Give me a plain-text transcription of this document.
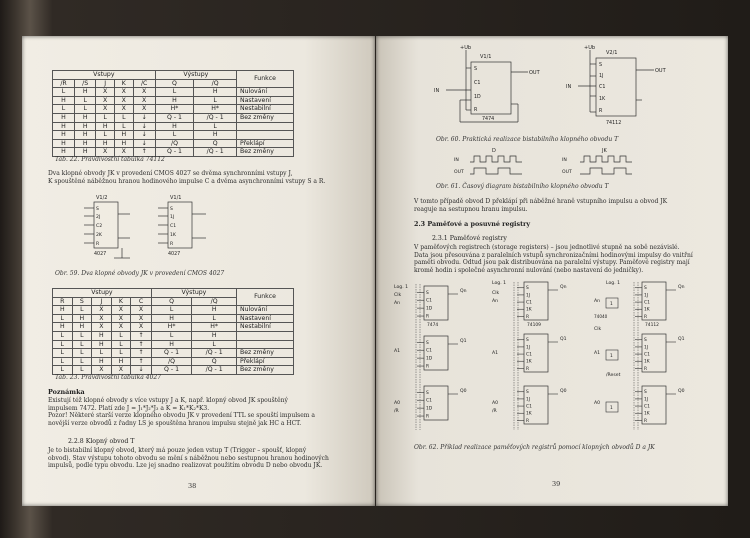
Vstupy					Výstupy		Funkce
/R	/S	J	K	/C	Q	/Q	
L	H	X	X	X	L	H	Nulování
H	L	X	X	X	H	L	Nastavení
L	L	X	X	X	H*	H*	Nestabilní
H	H	L	L	↓	Q - 1	/Q - 1	Bez změny
H	H	H	L	↓	H	L	
H	H	L	H	↓	L	H	
H	H	H	H	↓	/Q	Q	Překlápí
H	H	X	X	↑	Q - 1	/Q - 1	Bez změny
Tab. 22. Pravdivostní tabulka 74112
Dva klopné obvody JK v provedení CMOS 4027 se dvěma synchronními vstupy J,
K spouštěné náběžnou hranou hodinového impulse C a dvěma asynchronními vstupy S a R.
V1/2	V1/1
S
2J
C2
2K
R
S
1J
C1
1K
R
4027	4027
Obr. 59. Dva klopné obvody JK v provedení CMOS 4027
Vstupy					Výstupy		Funkce
R	S	J	K	C	Q	/Q	
H	L	X	X	X	L	H	Nulování
L	H	X	X	X	H	L	Nastavení
H	H	X	X	X	H*	H*	Nestabilní
L	L	H	L	↑	L	H	
L	L	H	L	↑	H	L	
L	L	L	L	↑	Q - 1	/Q - 1	Bez změny
L	L	H	H	↑	/Q	Q	Překlápí
L	L	X	X	↓	Q - 1	/Q - 1	Bez změny
Tab. 23. Pravdivostní tabulka 4027
Poznámka
Existují též klopné obvody s více vstupy J a K, např. klopný obvod JK spouštěný
impulsem 7472. Platí zde J = J₁*J₂*J₃ a K = K₁*K₂*K3.
Pozor! Některé starší verze klopného obvodu JK v provedení TTL se spouští impulsem a
novější verze obvodů z řadny LS je spouštěna hranou impulsu stejně jak HC a HCT.
2.2.8 Klopný obvod T
Je to bistabilní klopný obvod, který má pouze jeden vstup T (Trigger – spoušť, klopný
obvod). Stav výstupu tohoto obvodu se mění s náběžnou nebo sestupnou hranou hodinových
impulsů, podle typu obvodu. Lze jej snadno realizovat použitím obvodu D nebo obvodu JK.
38
+Ub
V1/1
IN
OUT
S
C1
1D
R
7474
+Ub
V2/1
IN
OUT
S
1J
C1
1K
R
74112
Obr. 60. Praktická realizace bistabilního klopného obvodu T
D	JK
IN
OUT
IN
OUT
Obr. 61. Časový diagram bistabilního klopného obvodu T
V tomto případě obvod D překlápí při náběžné hraně vstupního impulsu a obvod JK
reaguje na sestupnou hranu impulsu.
2.3 Paměťové a posuvné registry
2.3.1 Paměťové registry
V paměťových registrech (storage registers) – jsou jednotlivé stupně na sobě nezávislé.
Data jsou přesouvána z paralelních vstupů synchronizačními hodinovými impulsy do vnitřní
paměti obvodu. Odtud jsou pak distribuována na paralelní výstupy. Paměťové registry mají
kromě hodin i společné asynchronní nulování (nebo nastavení do jedničky).
S
C1
1D
R
Qn
7474
S
C1
1D
R
Q1
S
C1
1D
R
Q0
S
1J
C1
1K
R
Qn
74109
S
1J
C1
1K
R
Q1
S
1J
C1
1K
R
Q0
S
1J
C1
1K
R
Qn
74112
S
1J
C1
1K
R
Q1
S
1J
C1
1K
R
Q0
1
1
1
74040
Log. 1
Clk
An
A1
A0
/R
Log. 1
Clk
An
A1
A0
/R
Log. 1
An
Clk
A1
A0
/Reset
Obr. 62. Příklad realizace paměťových registrů pomocí klopných obvodů D a JK
39
